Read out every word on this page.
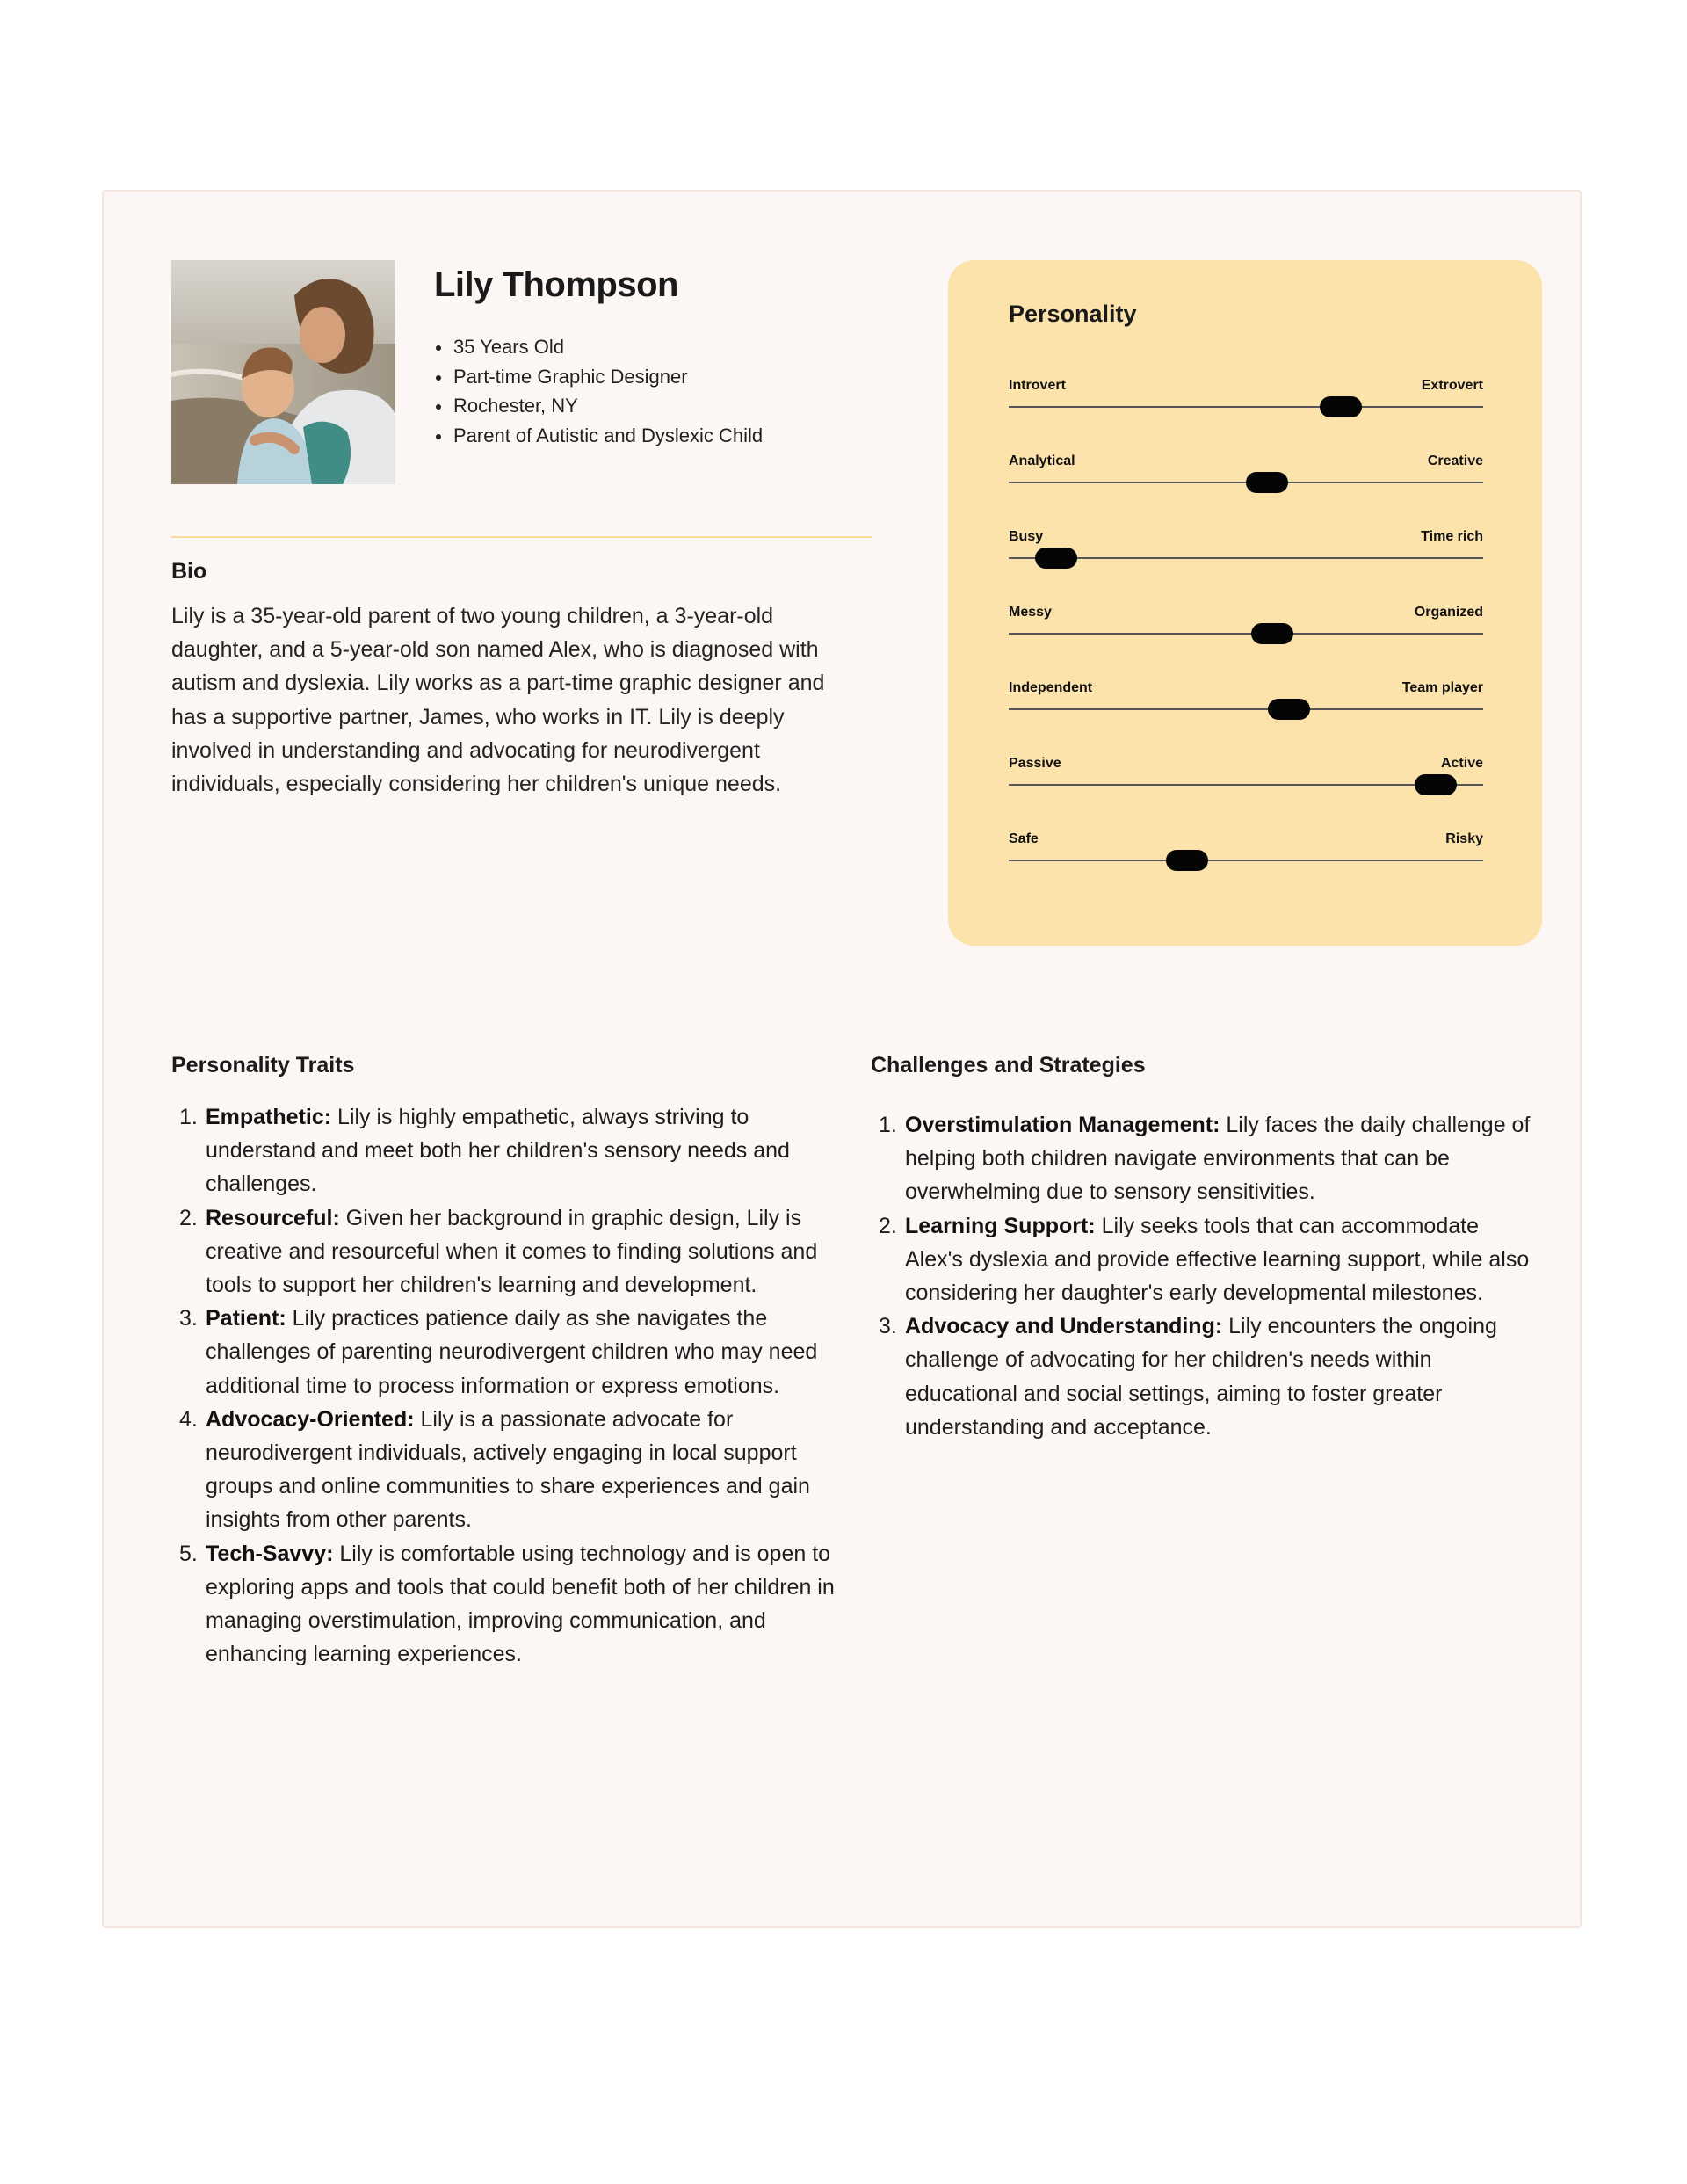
Lily Thompson
35 Years Old
Part-time Graphic Designer
Rochester, NY
Parent of Autistic and Dyslexic Child
Bio

Lily is a 35-year-old parent of two young children, a 3-year-old daughter, and a 5-year-old son named Alex, who is diagnosed with autism and dyslexia. Lily works as a part-time graphic designer and has a supportive partner, James, who works in IT. Lily is deeply involved in understanding and advocating for neurodivergent individuals, especially considering her children's unique needs.

Personality
Introvert	Extrovert
Analytical	Creative
Busy	Time rich
Messy	Organized
Independent	Team player
Passive	Active
Safe	Risky
Personality Traits
Empathetic: Lily is highly empathetic, always striving to understand and meet both her children's sensory needs and challenges.
Resourceful: Given her background in graphic design, Lily is creative and resourceful when it comes to finding solutions and tools to support her children's learning and development.
Patient: Lily practices patience daily as she navigates the challenges of parenting neurodivergent children who may need additional time to process information or express emotions.
Advocacy-Oriented: Lily is a passionate advocate for neurodivergent individuals, actively engaging in local support groups and online communities to share experiences and gain insights from other parents.
Tech-Savvy: Lily is comfortable using technology and is open to exploring apps and tools that could benefit both of her children in managing overstimulation, improving communication, and enhancing learning experiences.
Challenges and Strategies
Overstimulation Management: Lily faces the daily challenge of helping both children navigate environments that can be overwhelming due to sensory sensitivities.
Learning Support: Lily seeks tools that can accommodate Alex's dyslexia and provide effective learning support, while also considering her daughter's early developmental milestones.
Advocacy and Understanding: Lily encounters the ongoing challenge of advocating for her children's needs within educational and social settings, aiming to foster greater understanding and acceptance.
